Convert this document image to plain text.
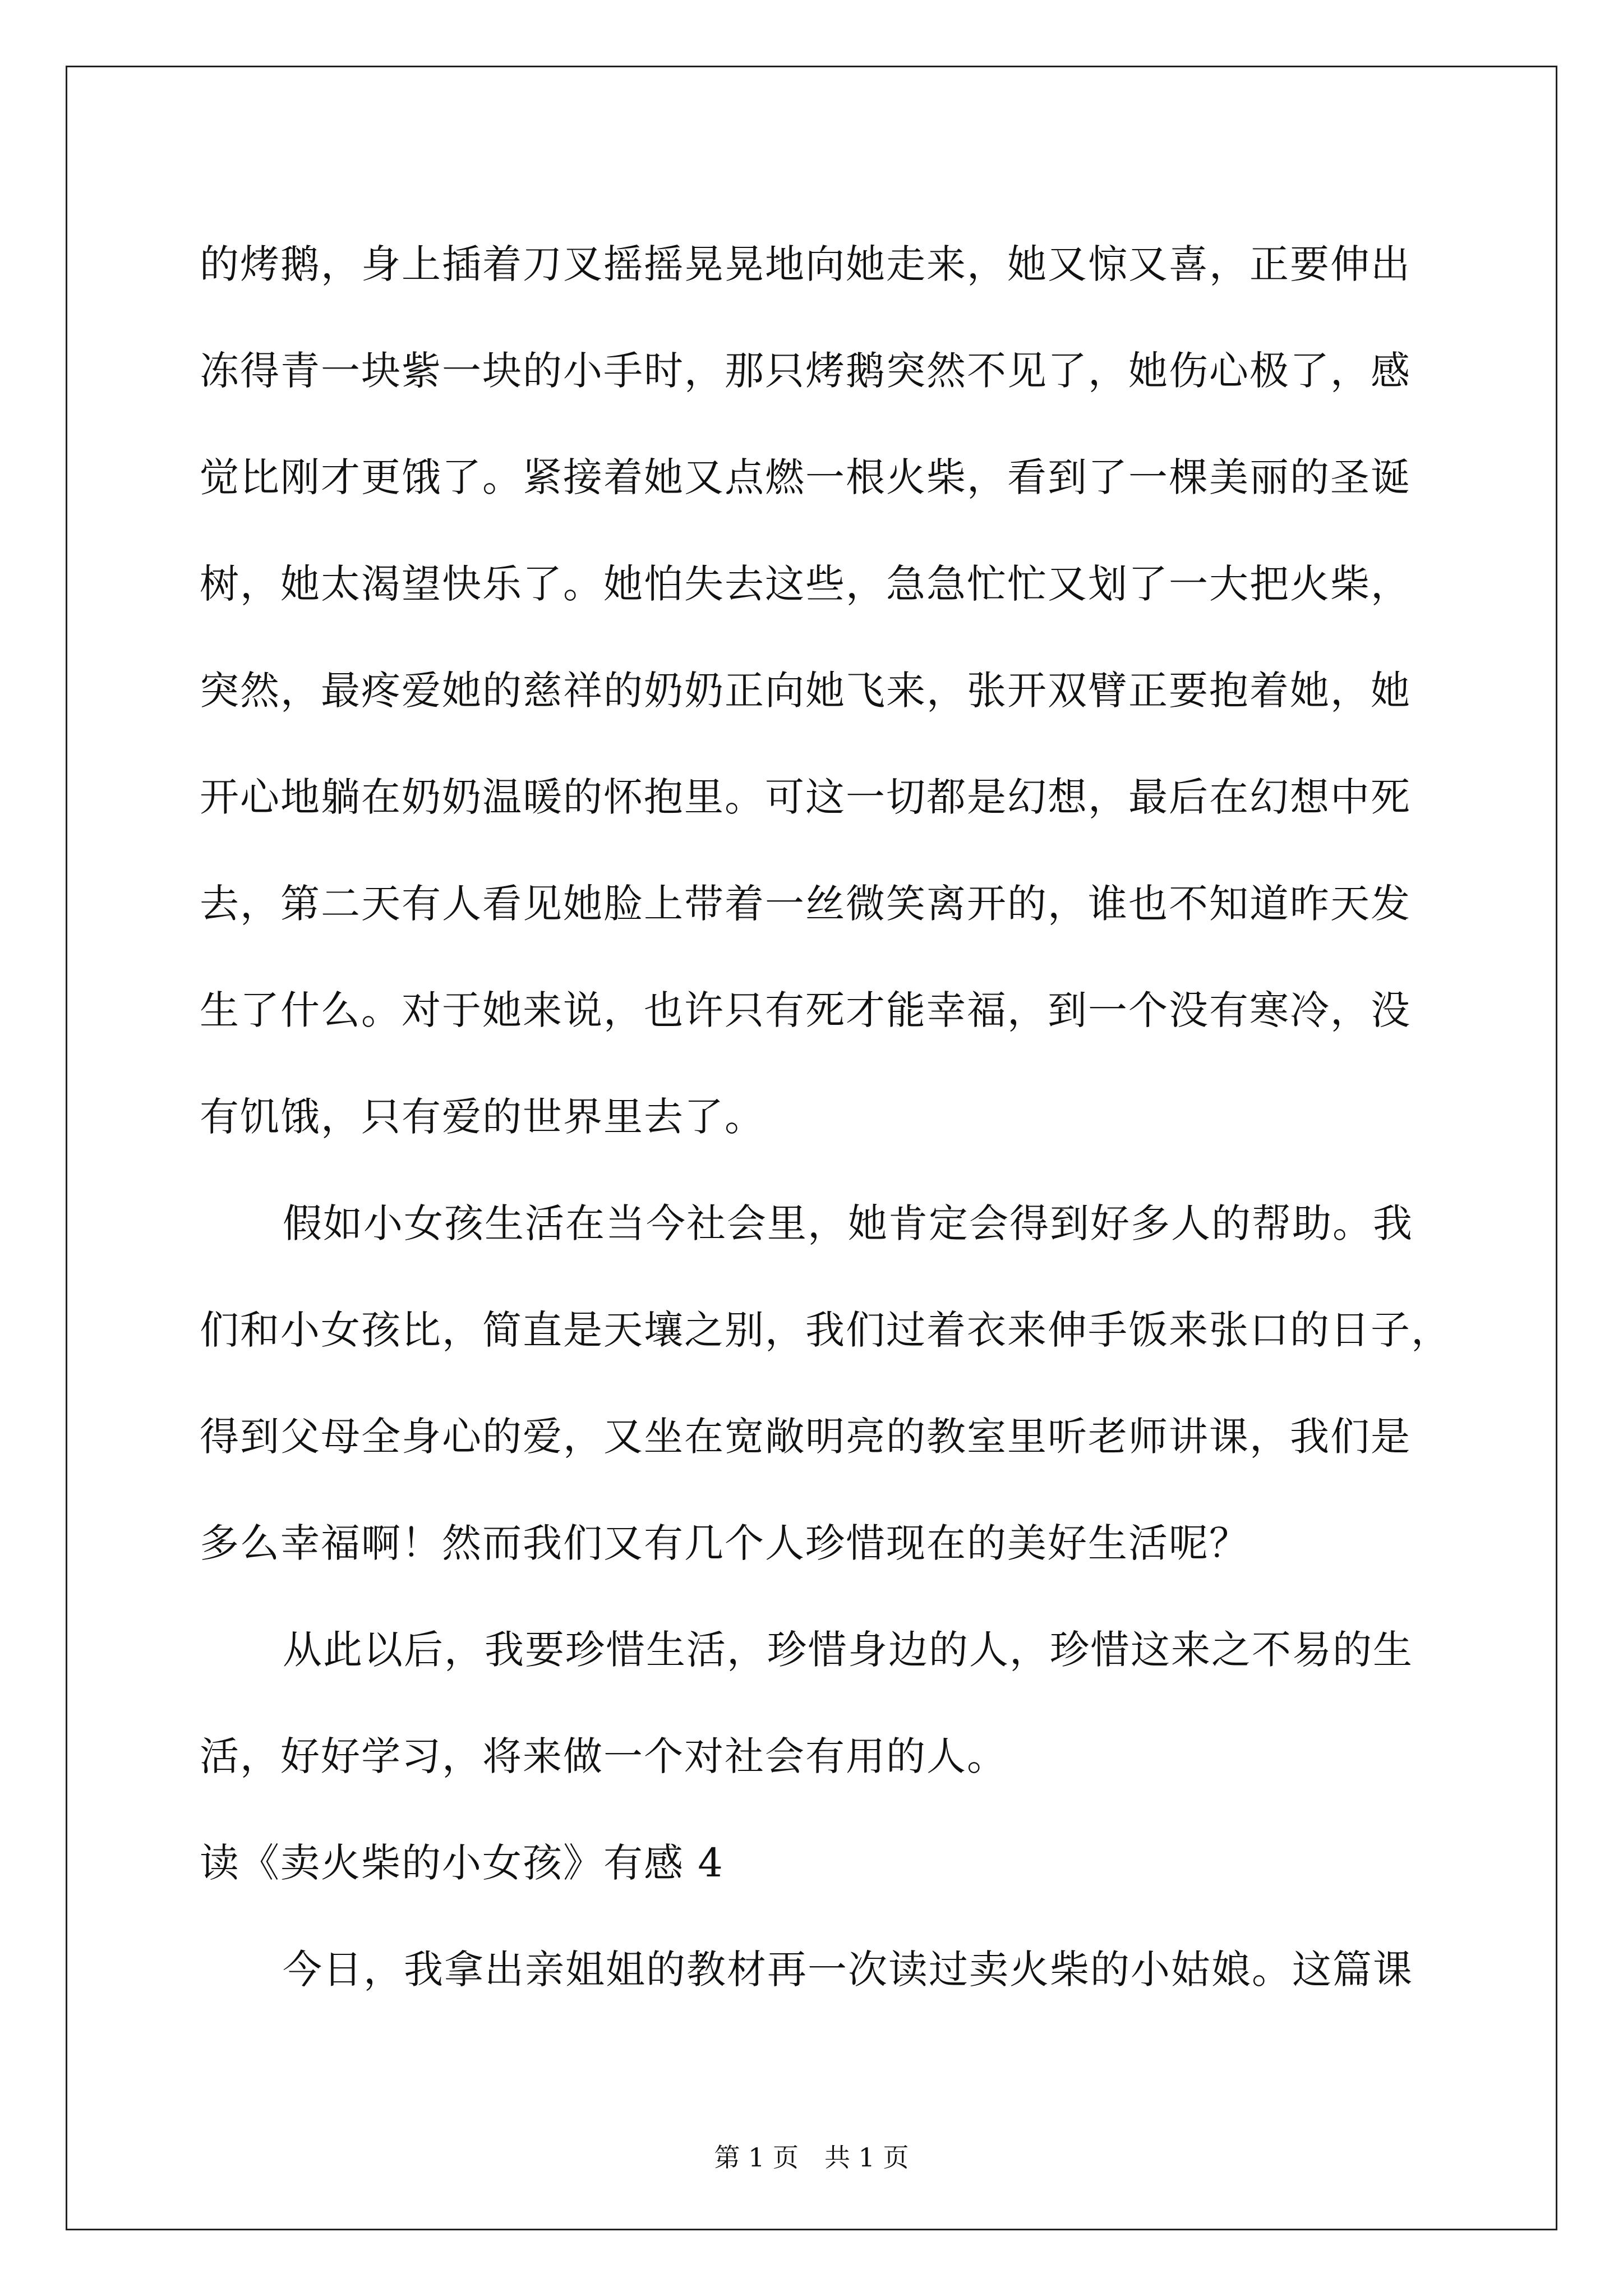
的烤鹅，身上插着刀叉摇摇晃晃地向她走来，她又惊又喜，正要伸出
冻得青一块紫一块的小手时，那只烤鹅突然不见了，她伤心极了，感
觉比刚才更饿了。紧接着她又点燃一根火柴，看到了一棵美丽的圣诞
树，她太渴望快乐了。她怕失去这些，急急忙忙又划了一大把火柴，
突然，最疼爱她的慈祥的奶奶正向她飞来，张开双臂正要抱着她，她
开心地躺在奶奶温暖的怀抱里。可这一切都是幻想，最后在幻想中死
去，第二天有人看见她脸上带着一丝微笑离开的，谁也不知道昨天发
生了什么。对于她来说，也许只有死才能幸福，到一个没有寒冷，没
有饥饿，只有爱的世界里去了。
假如小女孩生活在当今社会里，她肯定会得到好多人的帮助。我
们和小女孩比，简直是天壤之别，我们过着衣来伸手饭来张口的日子，
得到父母全身心的爱，又坐在宽敞明亮的教室里听老师讲课，我们是
多么幸福啊！然而我们又有几个人珍惜现在的美好生活呢？
从此以后，我要珍惜生活，珍惜身边的人，珍惜这来之不易的生
活，好好学习，将来做一个对社会有用的人。
读《卖火柴的小女孩》有感 4
今日，我拿出亲姐姐的教材再一次读过卖火柴的小姑娘。这篇课
第 1 页　共 1 页
